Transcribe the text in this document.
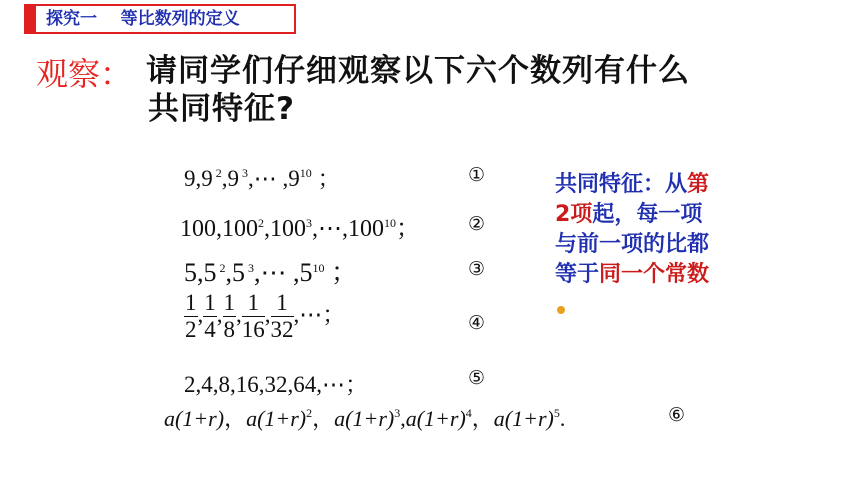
探究一    等比数列的定义
观察： 请同学们仔细观察以下六个数列有什么
共同特征?
9,9 $^2$,9 $^3$,⋯ $,9^{10}$ ；	①
100,100$^2$,100$^3$,⋯,100$^{10}$；	②
5,5 $^2$,5 $^3$,⋯ $,5^{10}$ ；	③
$\frac{1}{2}$ , $\frac{1}{4}$ , $\frac{1}{8}$ , $\frac{1}{16}$ , $\frac{1}{32}$ ,⋯；	④
2,4,8,16,32,64,⋯；	⑤
a(1+r)，$a(1+r)^2$，$a(1+r)^3,a(1+r)^4$，$a(1+r)^5$.	⑥
共同特征：从第2项起，每一项与前一项的比都等于同一个常数
